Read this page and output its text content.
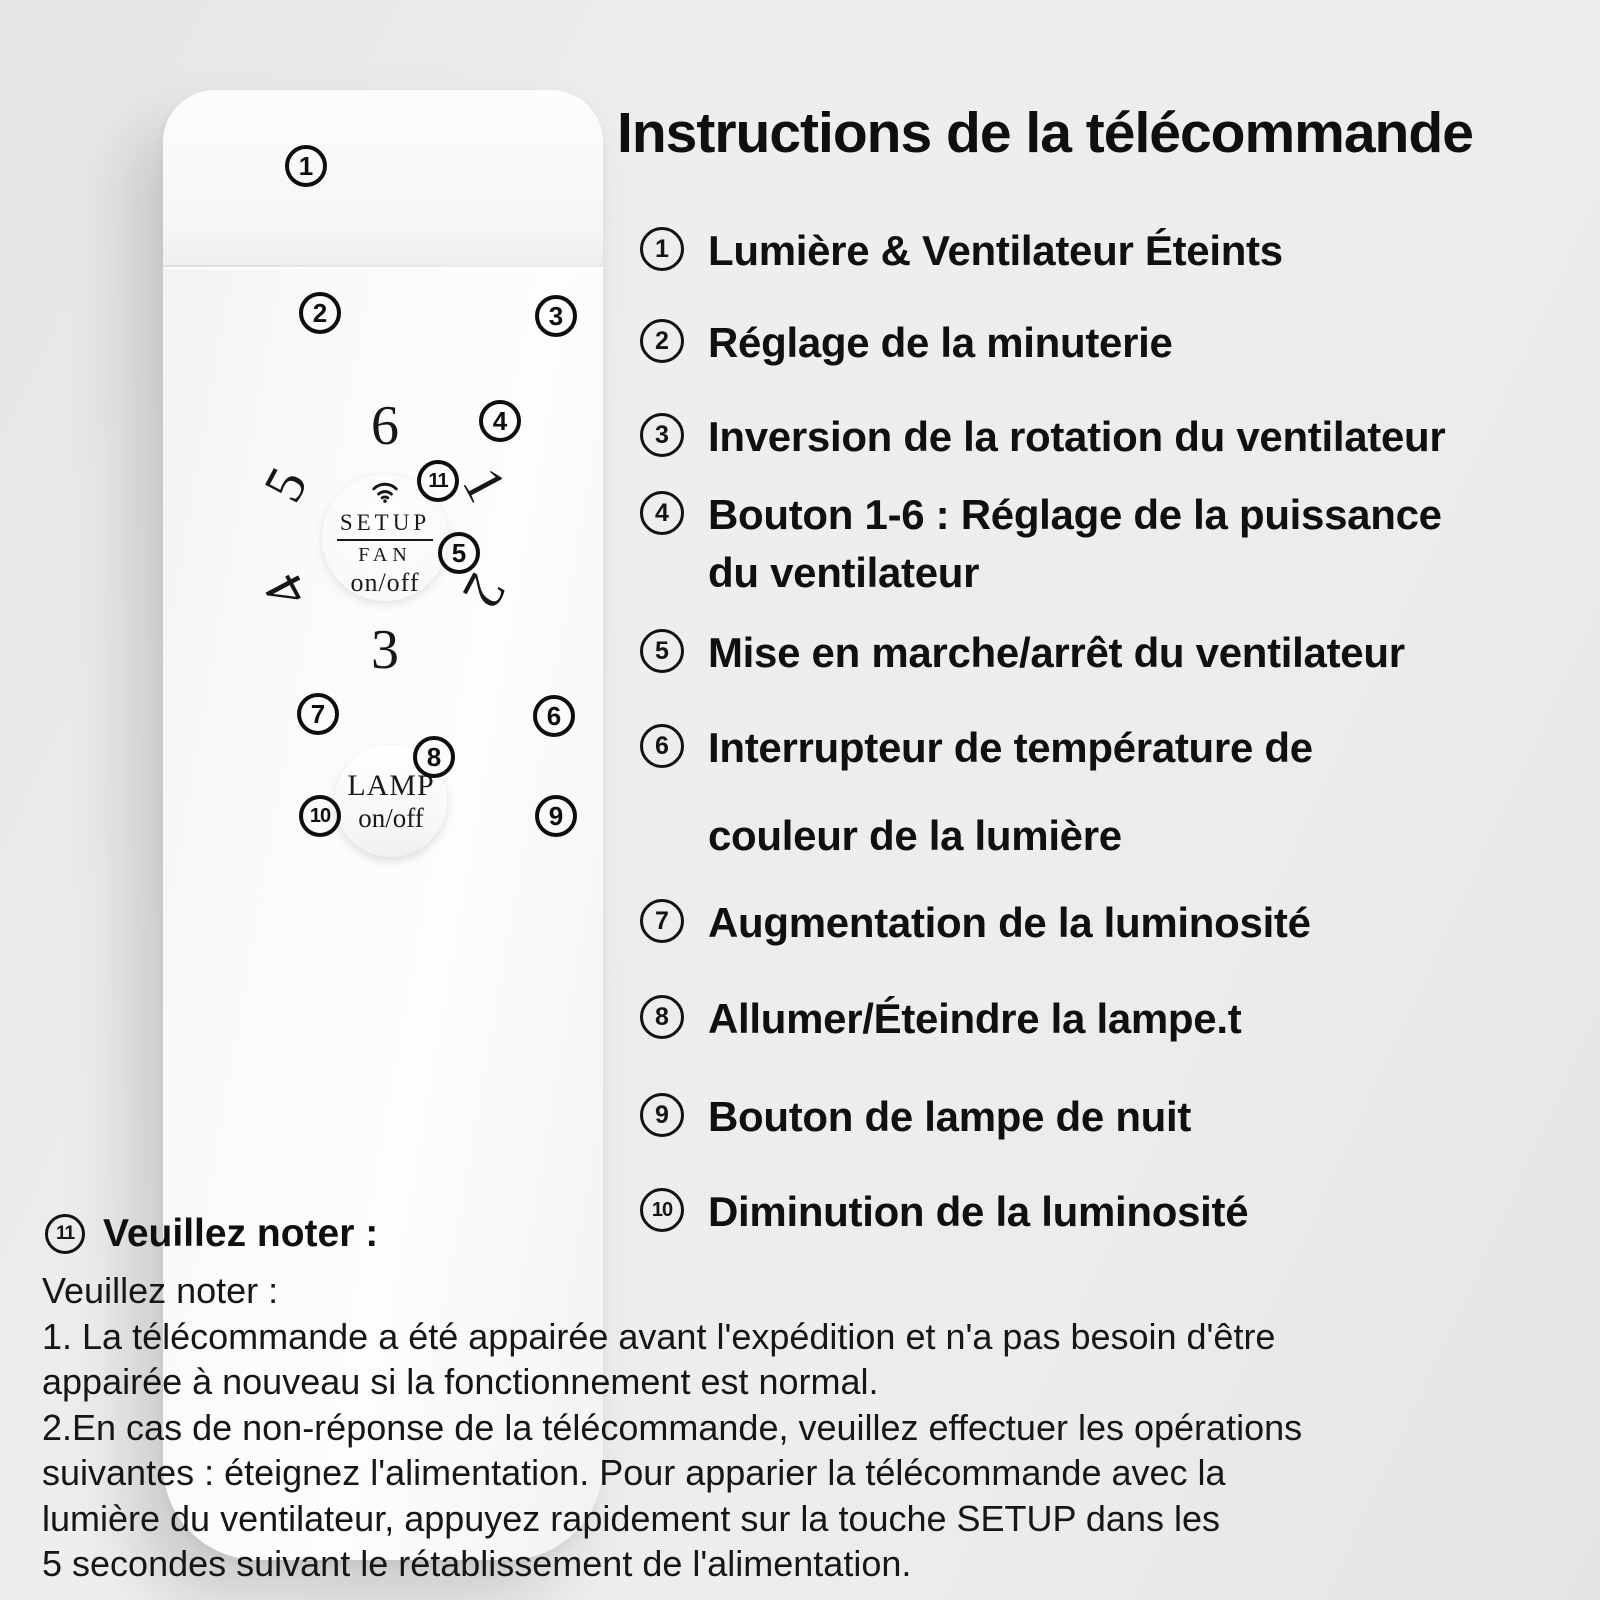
6
1
2
3
4
5
SETUP
FAN
on/off
LAMP
on/off
1
2	3
4
11
5
7	6
8
10	9
Instructions de la télécommande
1 Lumière & Ventilateur Éteints
2 Réglage de la minuterie
3 Inversion de la rotation du ventilateur
4 Bouton 1-6 : Réglage de la puissance
du ventilateur
5 Mise en marche/arrêt du ventilateur
6 Interrupteur de température de
couleur de la lumière
7 Augmentation de la luminosité
8 Allumer/Éteindre la lampe.t
9 Bouton de lampe de nuit
10 Diminution de la luminosité
11 Veuillez noter :
Veuillez noter :
1. La télécommande a été appairée avant l'expédition et n'a pas besoin d'être
appairée à nouveau si la fonctionnement est normal.
2.En cas de non-réponse de la télécommande, veuillez effectuer les opérations
suivantes : éteignez l'alimentation. Pour apparier la télécommande avec la
lumière du ventilateur, appuyez rapidement sur la touche SETUP dans les
5 secondes suivant le rétablissement de l'alimentation.
